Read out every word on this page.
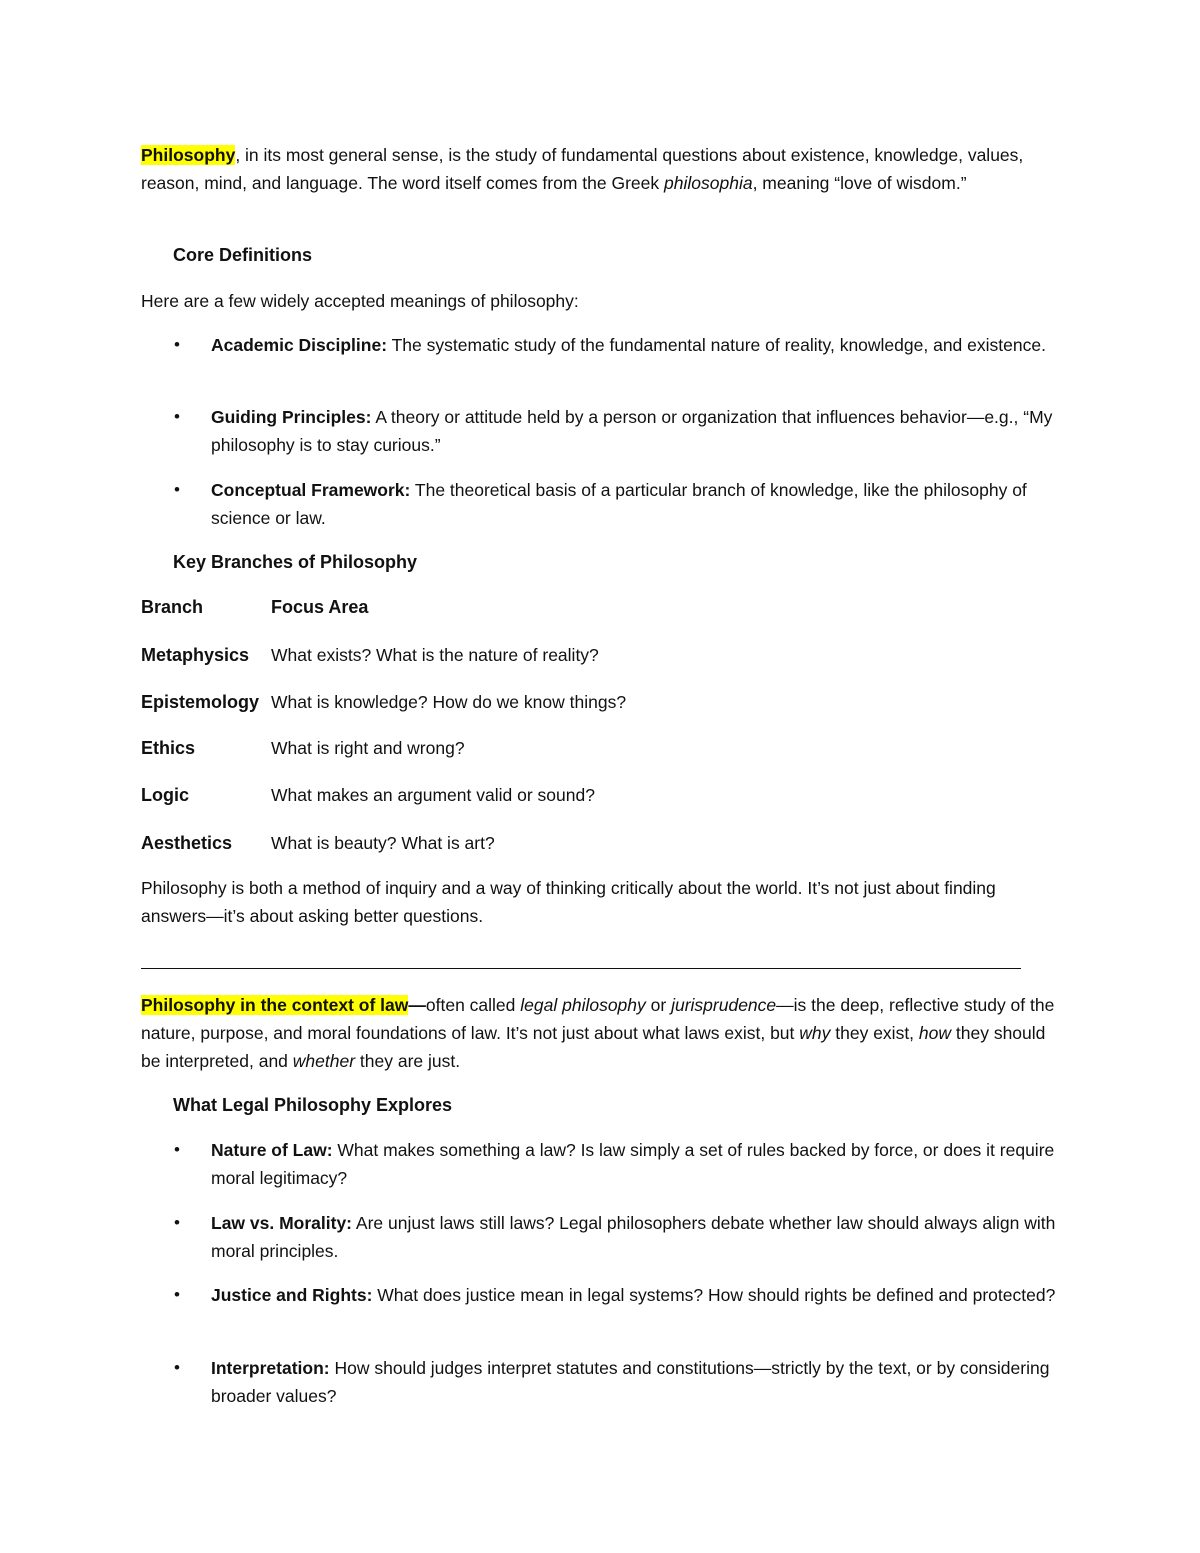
Philosophy, in its most general sense, is the study of fundamental questions about existence, knowledge, values, reason, mind, and language. The word itself comes from the Greek philosophia, meaning “love of wisdom.”

Core Definitions

Here are a few widely accepted meanings of philosophy:

•	Academic Discipline: The systematic study of the fundamental nature of reality, knowledge, and existence.

•	Guiding Principles: A theory or attitude held by a person or organization that influences behavior—e.g., “My philosophy is to stay curious.”

•	Conceptual Framework: The theoretical basis of a particular branch of knowledge, like the philosophy of science or law.

Key Branches of Philosophy
Branch	Focus Area
Metaphysics What exists? What is the nature of reality?
Epistemology What is knowledge? How do we know things?
Ethics	What is right and wrong?
Logic	What makes an argument valid or sound?
Aesthetics What is beauty? What is art?

Philosophy is both a method of inquiry and a way of thinking critically about the world. It’s not just about finding answers—it’s about asking better questions.

Philosophy in the context of law—often called legal philosophy or jurisprudence—is the deep, reflective study of the nature, purpose, and moral foundations of law. It’s not just about what laws exist, but why they exist, how they should be interpreted, and whether they are just.

What Legal Philosophy Explores
•	Nature of Law: What makes something a law? Is law simply a set of rules backed by force, or does it require moral legitimacy?

•	Law vs. Morality: Are unjust laws still laws? Legal philosophers debate whether law should always align with moral principles.

•	Justice and Rights: What does justice mean in legal systems? How should rights be defined and protected?

•	Interpretation: How should judges interpret statutes and constitutions—strictly by the text, or by considering broader values?
